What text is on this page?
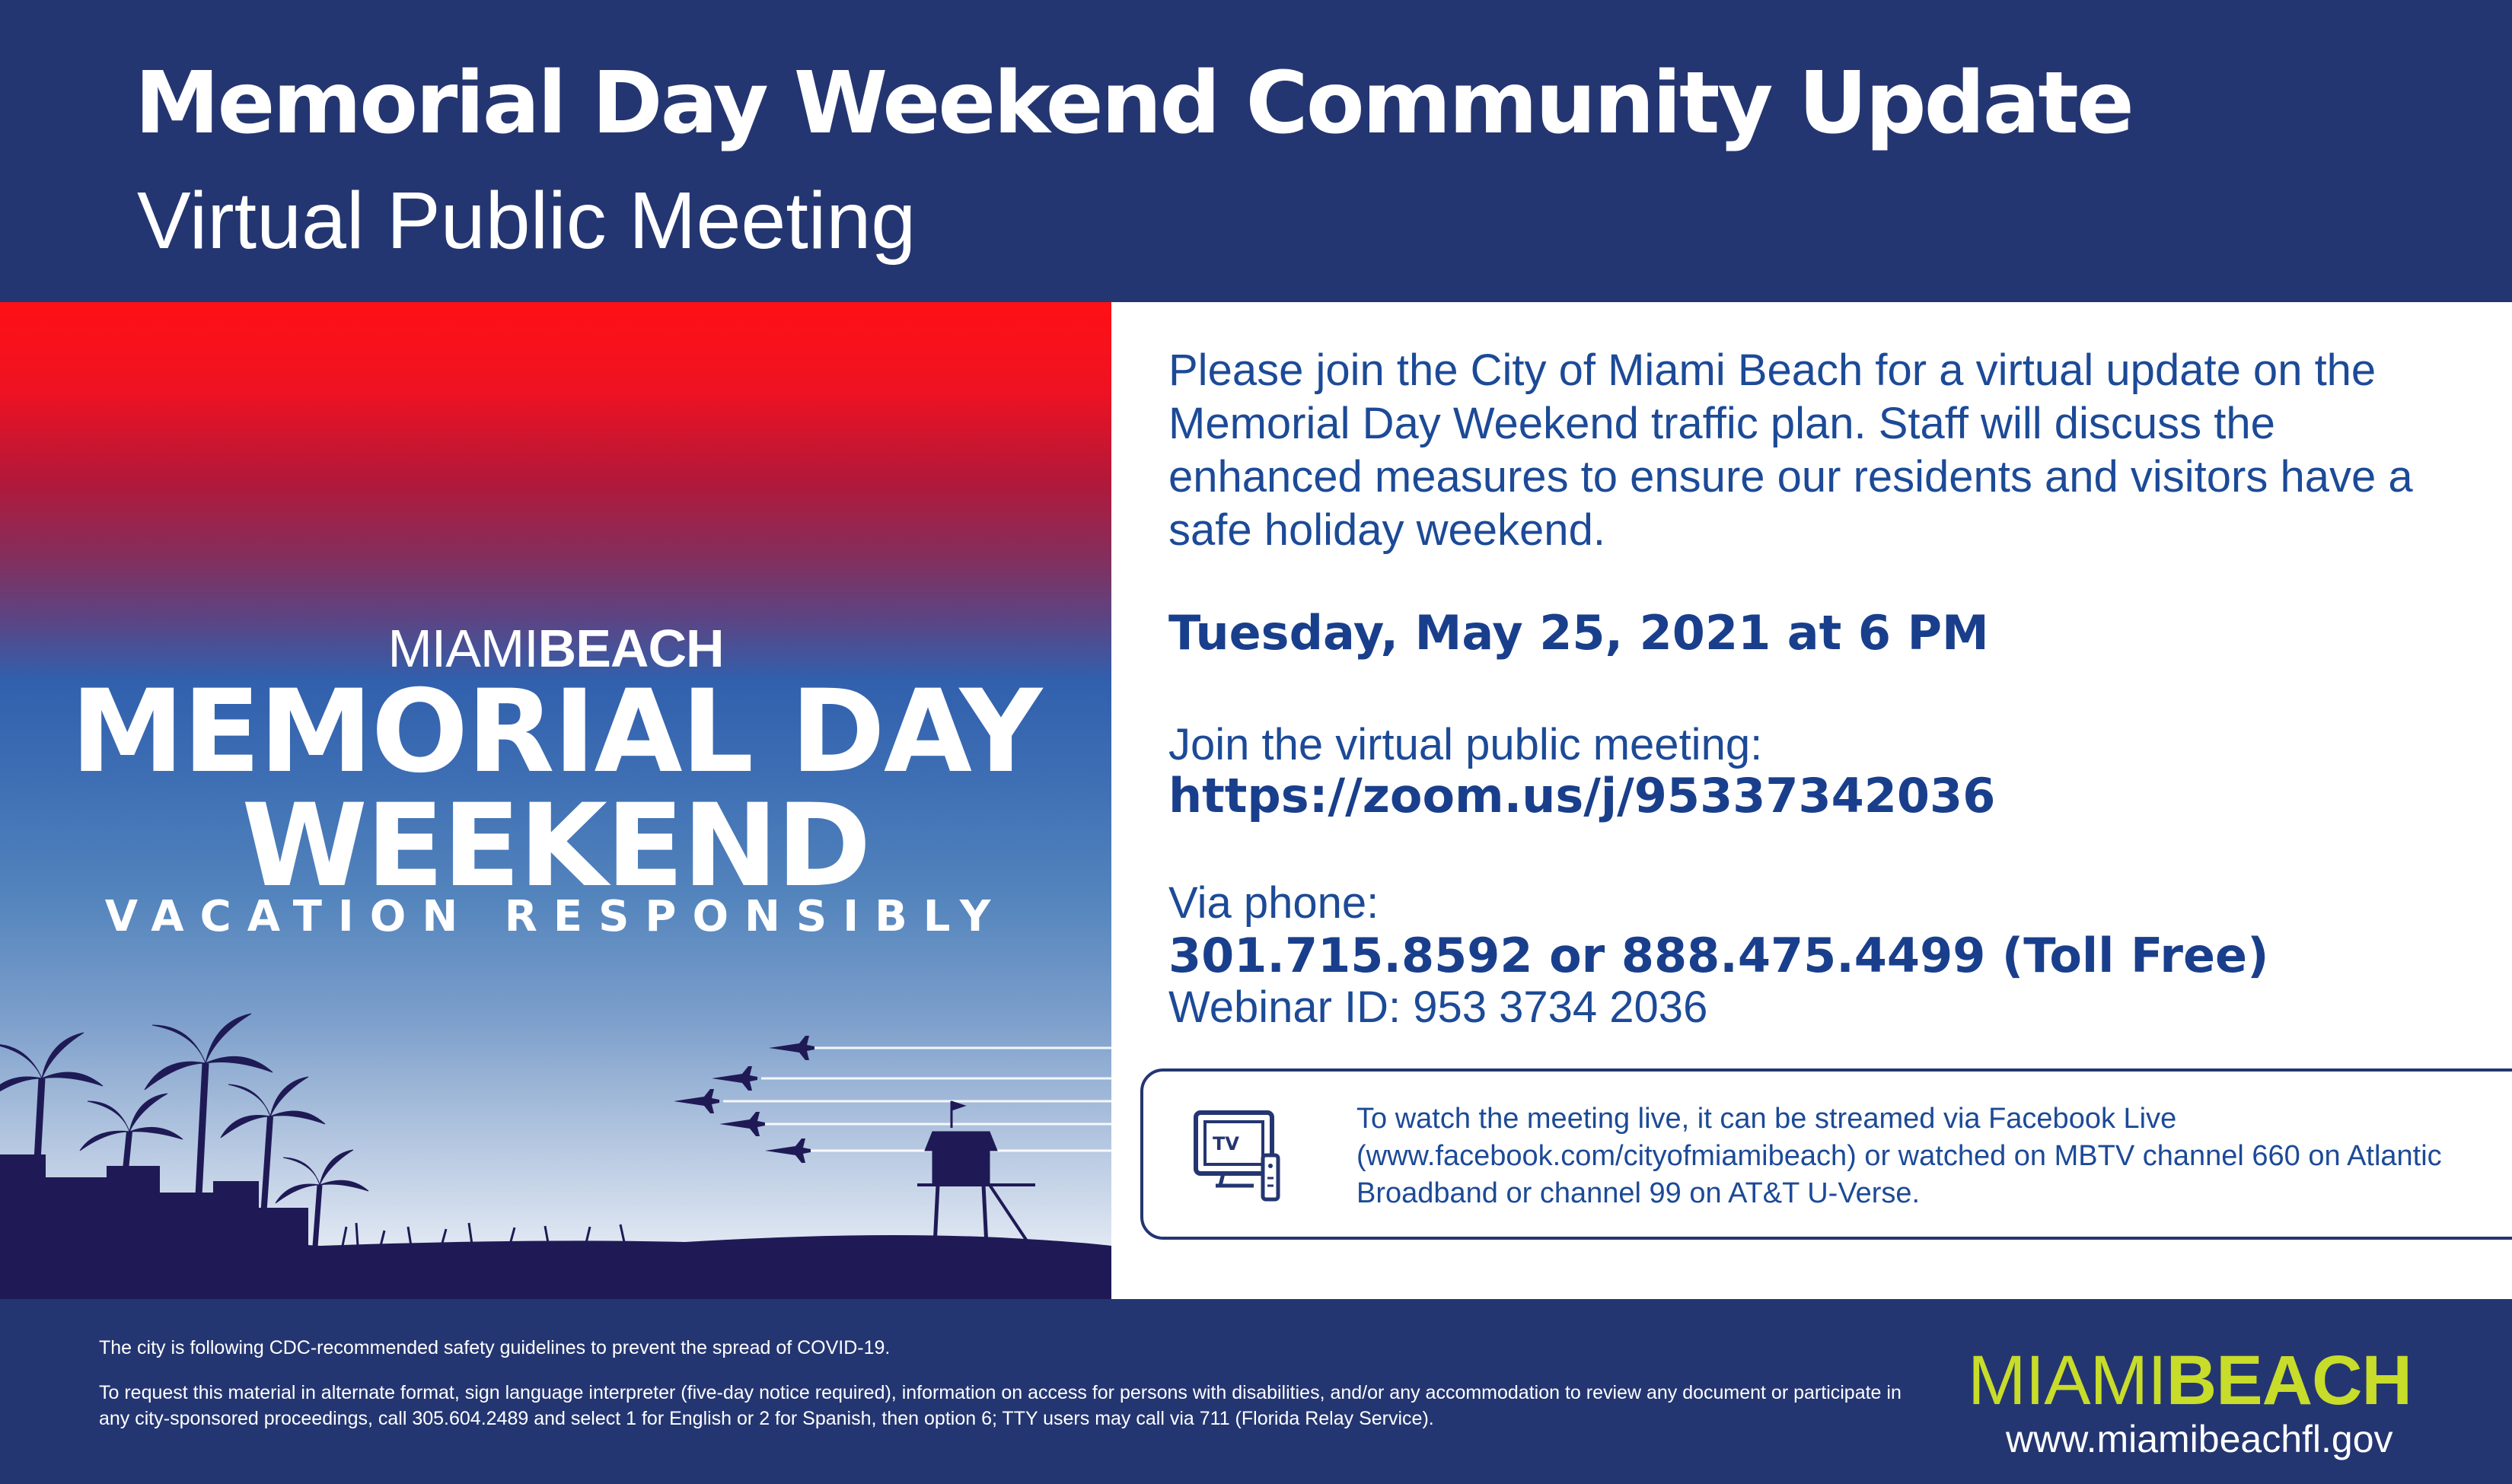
Memorial Day Weekend Community Update
Virtual Public Meeting
MIAMIBEACH
MEMORIAL DAY
WEEKEND
VACATION RESPONSIBLY

Please join the City of Miami Beach for a virtual update on the Memorial Day Weekend traffic plan. Staff will discuss the enhanced measures to ensure our residents and visitors have a safe holiday weekend.

Tuesday, May 25, 2021 at 6 PM

Join the virtual public meeting:

https://zoom.us/j/95337342036

Via phone:

301.715.8592 or 888.475.4499 (Toll Free)

Webinar ID: 953 3734 2036

TV

To watch the meeting live, it can be streamed via Facebook Live (www.facebook.com/cityofmiamibeach) or watched on MBTV channel 660 on Atlantic Broadband or channel 99 on AT&T U-Verse.

The city is following CDC-recommended safety guidelines to prevent the spread of COVID-19.

To request this material in alternate format, sign language interpreter (five-day notice required), information on access for persons with disabilities, and/or any accommodation to review any document or participate in any city-sponsored proceedings, call 305.604.2489 and select 1 for English or 2 for Spanish, then option 6; TTY users may call via 711 (Florida Relay Service).	MIAMIBEACH

www.miamibeachfl.gov
